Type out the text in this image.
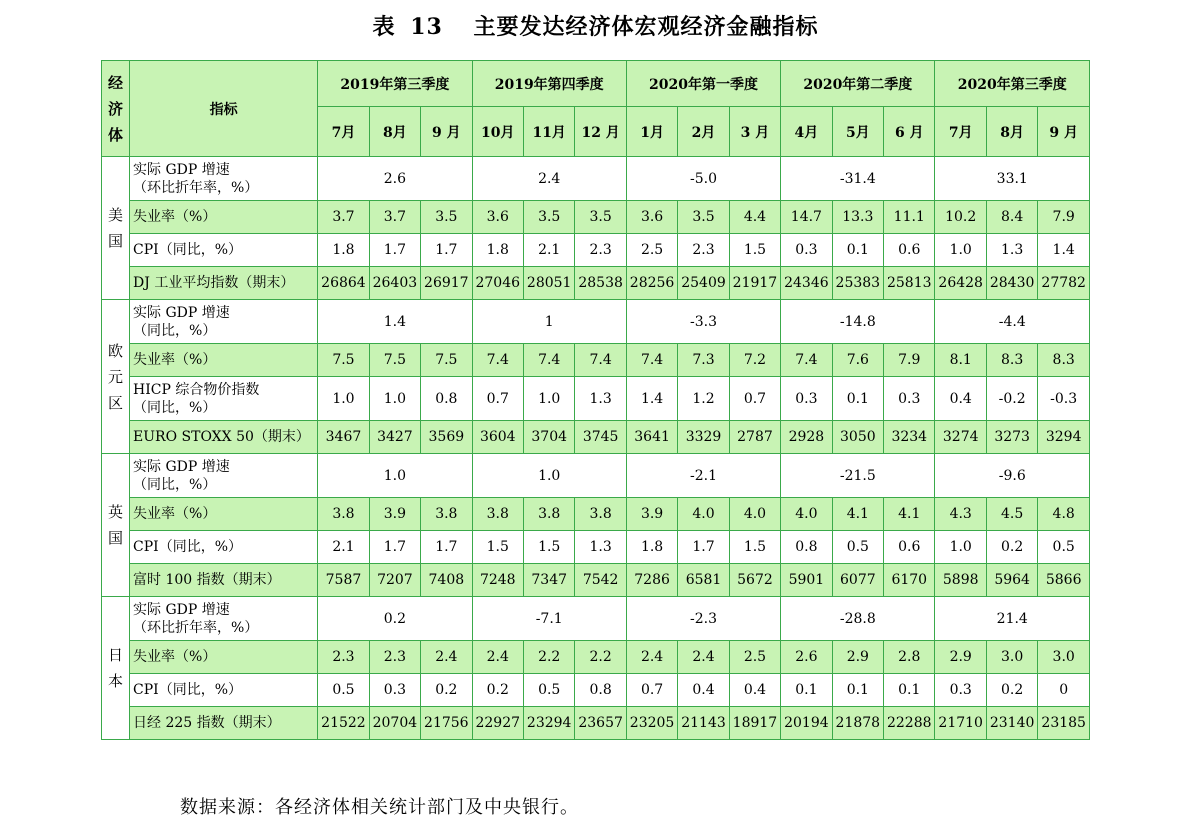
表 13 主要发达经济体宏观经济金融指标
经
济
体	指标	2019年第三季度			2019年第四季度			2020年第一季度			2020年第二季度			2020年第三季度		
		7月	8月	9 月	10月	11月	12 月	1月	2月	3 月	4月	5月	6 月	7月	8月	9 月

美
国	实际 GDP 增速
（环比折年率，%）	2.6			2.4			-5.0			-31.4			33.1		

	失业率（%）	3.7	3.7	3.5	3.6	3.5	3.5	3.6	3.5	4.4	14.7	13.3	11.1	10.2	8.4	7.9

	CPI（同比，%）	1.8	1.7	1.7	1.8	2.1	2.3	2.5	2.3	1.5	0.3	0.1	0.6	1.0	1.3	1.4

	DJ 工业平均指数（期末）	26864	26403	26917	27046	28051	28538	28256	25409	21917	24346	25383	25813	26428	28430	27782

欧
元
区	实际 GDP 增速
（同比，%）	1.4			1			-3.3			-14.8			-4.4		

	失业率（%）	7.5	7.5	7.5	7.4	7.4	7.4	7.4	7.3	7.2	7.4	7.6	7.9	8.1	8.3	8.3

	HICP 综合物价指数
（同比，%）	1.0	1.0	0.8	0.7	1.0	1.3	1.4	1.2	0.7	0.3	0.1	0.3	0.4	-0.2	-0.3

	EURO STOXX 50（期末）	3467	3427	3569	3604	3704	3745	3641	3329	2787	2928	3050	3234	3274	3273	3294

英
国	实际 GDP 增速
（同比，%）	1.0			1.0			-2.1			-21.5			-9.6		

	失业率（%）	3.8	3.9	3.8	3.8	3.8	3.8	3.9	4.0	4.0	4.0	4.1	4.1	4.3	4.5	4.8

	CPI（同比，%）	2.1	1.7	1.7	1.5	1.5	1.3	1.8	1.7	1.5	0.8	0.5	0.6	1.0	0.2	0.5

	富时 100 指数（期末）	7587	7207	7408	7248	7347	7542	7286	6581	5672	5901	6077	6170	5898	5964	5866

日
本	实际 GDP 增速
（环比折年率，%）	0.2			-7.1			-2.3			-28.8			21.4		

	失业率（%）	2.3	2.3	2.4	2.4	2.2	2.2	2.4	2.4	2.5	2.6	2.9	2.8	2.9	3.0	3.0

	CPI（同比，%）	0.5	0.3	0.2	0.2	0.5	0.8	0.7	0.4	0.4	0.1	0.1	0.1	0.3	0.2	0

	日经 225 指数（期末）	21522	20704	21756	22927	23294	23657	23205	21143	18917	20194	21878	22288	21710	23140	23185
数据来源：各经济体相关统计部门及中央银行。
